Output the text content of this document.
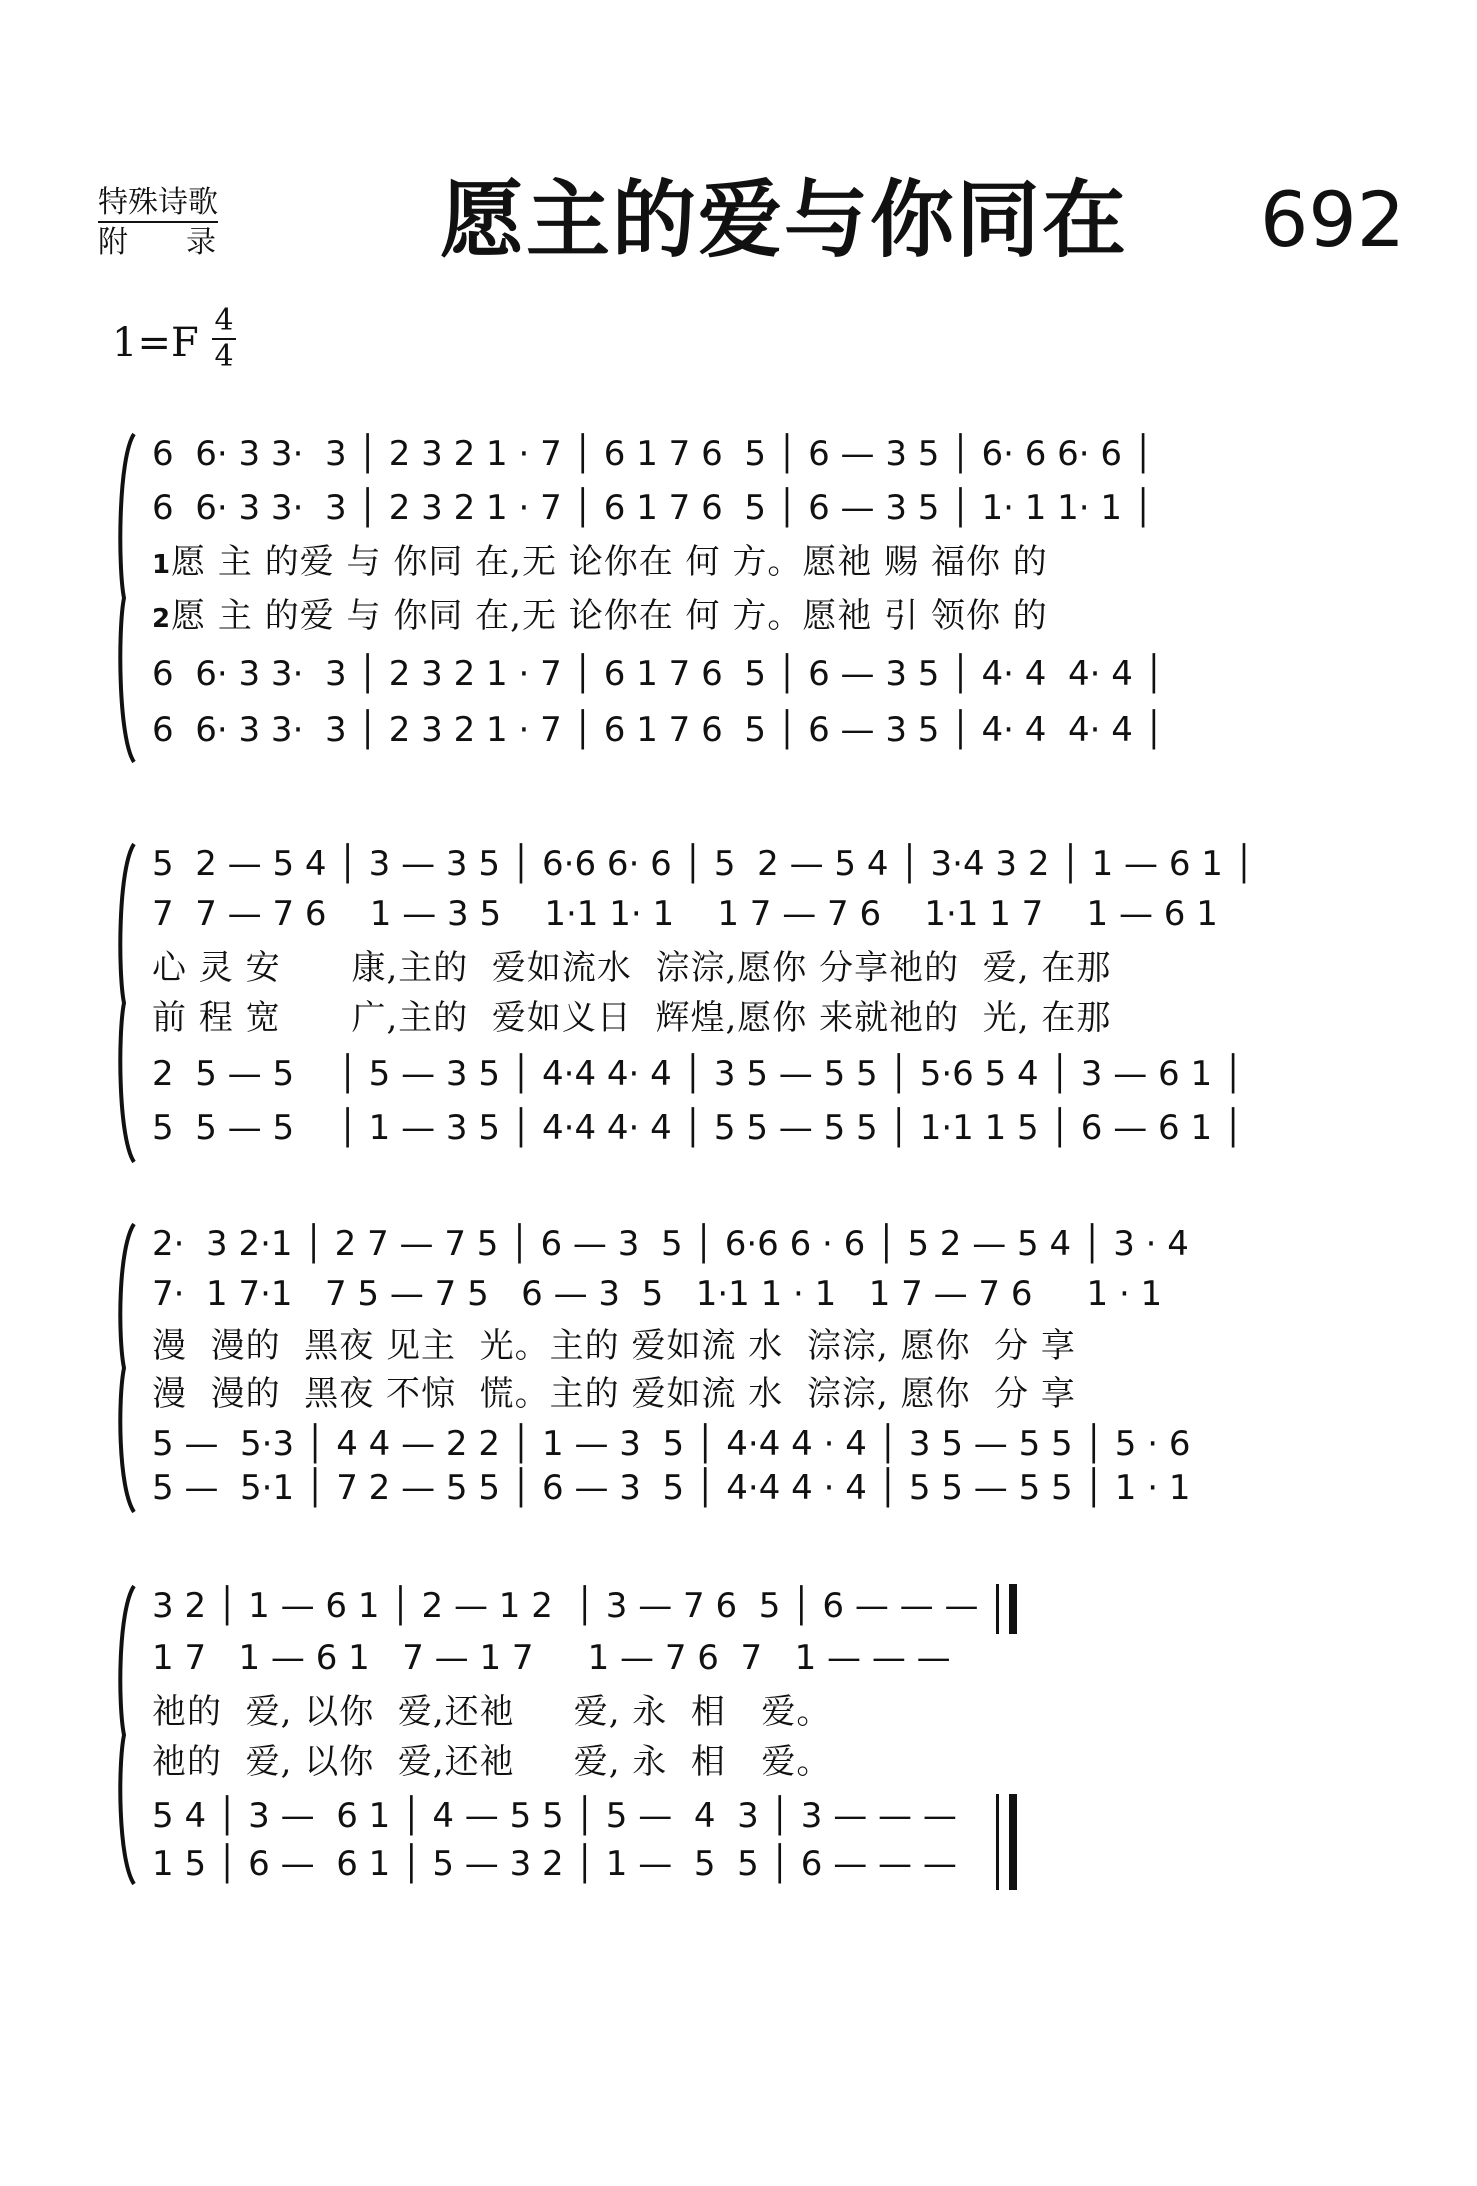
特殊诗歌
附录 愿主的爱与你同在 692
1=F 4
4
6  6· 3 3·  3 │ 2 3 2 1 · 7 │ 6 1 7 6  5 │ 6 — 3 5 │ 6· 6 6· 6 │
6  6· 3 3·  3 │ 2 3 2 1 · 7 │ 6 1 7 6  5 │ 6 — 3 5 │ 1· 1 1· 1 │
1愿 主 的爱 与 你同 在,无 论你在 何 方。愿祂 赐 福你 的
2愿 主 的爱 与 你同 在,无 论你在 何 方。愿祂 引 领你 的
6  6· 3 3·  3 │ 2 3 2 1 · 7 │ 6 1 7 6  5 │ 6 — 3 5 │ 4· 4  4· 4 │
6  6· 3 3·  3 │ 2 3 2 1 · 7 │ 6 1 7 6  5 │ 6 — 3 5 │ 4· 4  4· 4 │
5  2 — 5 4 │ 3 — 3 5 │ 6·6 6· 6 │ 5  2 — 5 4 │ 3·4 3 2 │ 1 — 6 1 │
7  7 — 7 6    1 — 3 5    1·1 1· 1    1 7 — 7 6    1·1 1 7    1 — 6 1
心 灵 安      康,主的  爱如流水  淙淙,愿你 分享祂的  爱, 在那
前 程 宽      广,主的  爱如义日  辉煌,愿你 来就祂的  光, 在那
2  5 — 5    │ 5 — 3 5 │ 4·4 4· 4 │ 3 5 — 5 5 │ 5·6 5 4 │ 3 — 6 1 │
5  5 — 5    │ 1 — 3 5 │ 4·4 4· 4 │ 5 5 — 5 5 │ 1·1 1 5 │ 6 — 6 1 │
2·  3 2·1 │ 2 7 — 7 5 │ 6 — 3  5 │ 6·6 6 · 6 │ 5 2 — 5 4 │ 3 · 4
7·  1 7·1   7 5 — 7 5   6 — 3  5   1·1 1 · 1   1 7 — 7 6     1 · 1
漫  漫的  黑夜 见主  光。主的 爱如流 水  淙淙, 愿你  分 享
漫  漫的  黑夜 不惊  慌。主的 爱如流 水  淙淙, 愿你  分 享
5 —  5·3 │ 4 4 — 2 2 │ 1 — 3  5 │ 4·4 4 · 4 │ 3 5 — 5 5 │ 5 · 6
5 —  5·1 │ 7 2 — 5 5 │ 6 — 3  5 │ 4·4 4 · 4 │ 5 5 — 5 5 │ 1 · 1
3 2 │ 1 — 6 1 │ 2 — 1 2  │ 3 — 7 6  5 │ 6 — — —
1 7   1 — 6 1   7 — 1 7     1 — 7 6  7   1 — — —
祂的  爱, 以你  爱,还祂     爱, 永  相   爱。
祂的  爱, 以你  爱,还祂     爱, 永  相   爱。
5 4 │ 3 —  6 1 │ 4 — 5 5 │ 5 —  4  3 │ 3 — — —
1 5 │ 6 —  6 1 │ 5 — 3 2 │ 1 —  5  5 │ 6 — — —
